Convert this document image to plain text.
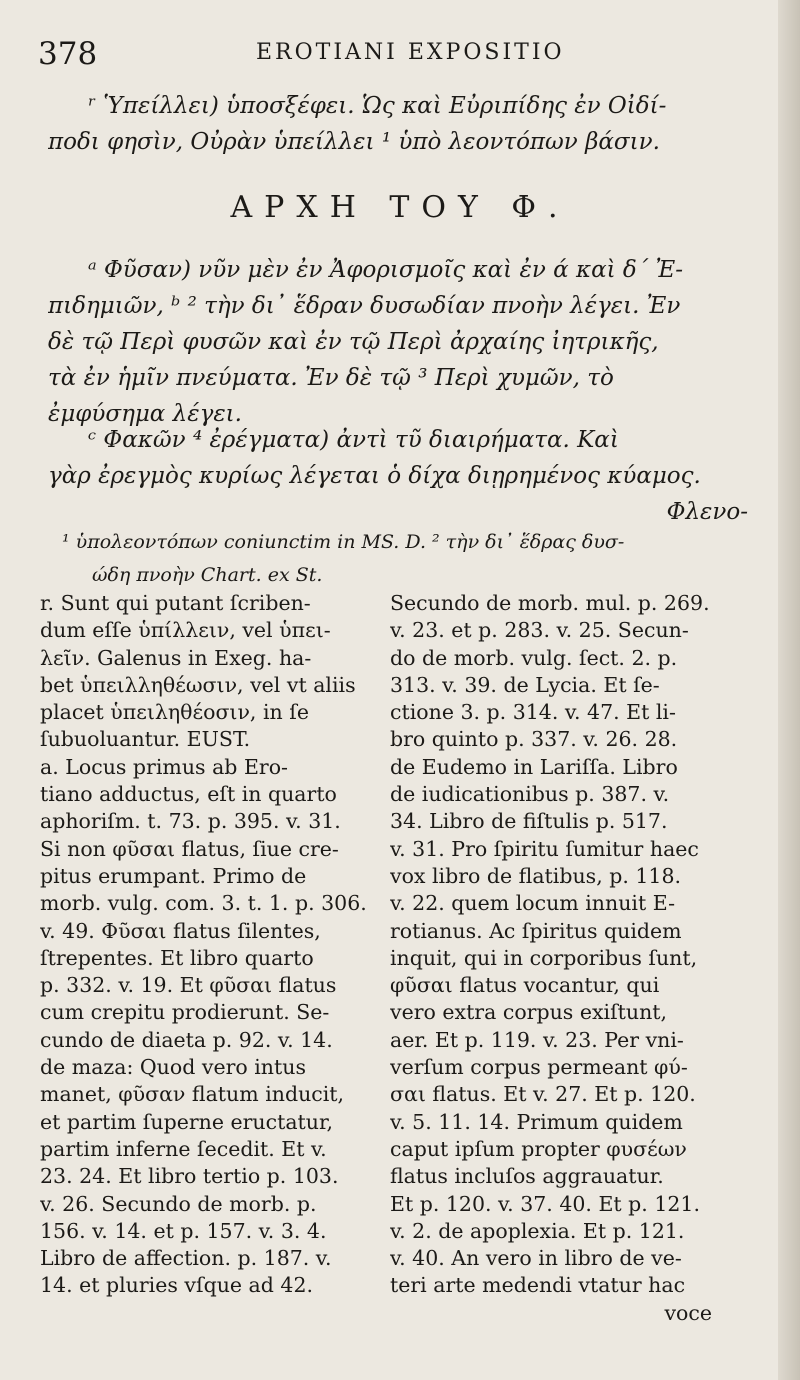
378	EROTIANI EXPOSITIO
ʳ Ὑπείλλει) ὑποσξέφει. Ὡς καὶ Εὐριπίδης ἐν Οἰδί-
ποδι φησὶν, Οὐρὰν ὑπείλλει ¹ ὑπὸ λεοντόπων βάσιν.
ΑΡΧΗ ΤΟΥ Φ.
ᵃ Φῦσαν) νῦν μὲν ἐν Ἀφορισμοῖς καὶ ἐν ά καὶ δ´ Ἐ-
πιδημιῶν, ᵇ ² τὴν δι᾽ ἕδραν δυσωδίαν πνοὴν λέγει. Ἐν
δὲ τῷ Περὶ φυσῶν καὶ ἐν τῷ Περὶ ἀρχαίης ἰητρικῆς,
τὰ ἐν ἡμῖν πνεύματα. Ἐν δὲ τῷ ³ Περὶ χυμῶν, τὸ
ἐμφύσημα λέγει.
ᶜ Φακῶν ⁴ ἐρέγματα) ἀντὶ τῦ διαιρήματα. Καὶ
γὰρ ἐρεγμὸς κυρίως λέγεται ὁ δίχα διῃρημένος κύαμος.
Φλενο-
¹ ὑπολεοντόπων coniunctim in MS. D. ² τὴν δι᾽ ἕδρας δυσ-
ώδη πνοὴν Chart. ex St.
r. Sunt qui putant ſcriben-
dum eſſe ὑπίλλειν, vel ὑπει-
λεῖν. Galenus in Exeg. ha-
bet ὑπειλληθέωσιν, vel vt aliis
placet ὑπειληθέοσιν, in ſe
ſubuoluantur. EUST.
a. Locus primus ab Ero-
tiano adductus, eſt in quarto
aphoriſm. t. 73. p. 395. v. 31.
Si non φῦσαι flatus, ſiue cre-
pitus erumpant. Primo de
morb. vulg. com. 3. t. 1. p. 306.
v. 49. Φῦσαι flatus ſilentes,
ſtrepentes. Et libro quarto
p. 332. v. 19. Et φῦσαι flatus
cum crepitu prodierunt. Se-
cundo de diaeta p. 92. v. 14.
de maza: Quod vero intus
manet, φῦσαν flatum inducit,
et partim ſuperne eructatur,
partim inferne ſecedit. Et v.
23. 24. Et libro tertio p. 103.
v. 26. Secundo de morb. p.
156. v. 14. et p. 157. v. 3. 4.
Libro de affection. p. 187. v.
14. et pluries vſque ad 42.
Secundo de morb. mul. p. 269.
v. 23. et p. 283. v. 25. Secun-
do de morb. vulg. ſect. 2. p.
313. v. 39. de Lycia. Et ſe-
ctione 3. p. 314. v. 47. Et li-
bro quinto p. 337. v. 26. 28.
de Eudemo in Lariſſa. Libro
de iudicationibus p. 387. v.
34. Libro de fiſtulis p. 517.
v. 31. Pro ſpiritu ſumitur haec
vox libro de flatibus, p. 118.
v. 22. quem locum innuit E-
rotianus. Ac ſpiritus quidem
inquit, qui in corporibus ſunt,
φῦσαι flatus vocantur, qui
vero extra corpus exiſtunt,
aer. Et p. 119. v. 23. Per vni-
verſum corpus permeant φύ-
σαι flatus. Et v. 27. Et p. 120.
v. 5. 11. 14. Primum quidem
caput ipſum propter φυσέων
flatus incluſos aggrauatur.
Et p. 120. v. 37. 40. Et p. 121.
v. 2. de apoplexia. Et p. 121.
v. 40. An vero in libro de ve-
teri arte medendi vtatur hac
voce
